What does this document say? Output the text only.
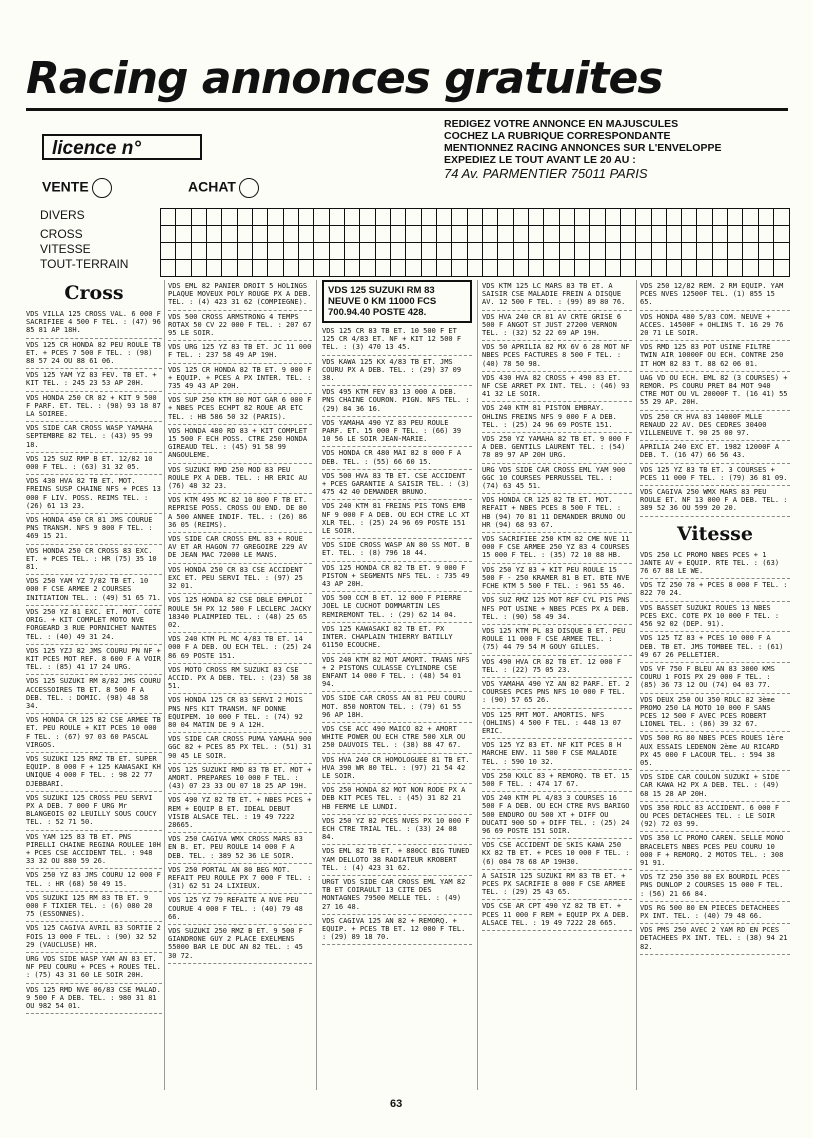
Racing annonces gratuites
licence n°
REDIGEZ VOTRE ANNONCE EN MAJUSCULES
COCHEZ LA RUBRIQUE CORRESPONDANTE
MENTIONNEZ RACING ANNONCES SUR L'ENVELOPPE
EXPEDIEZ LE TOUT AVANT LE 20 AU :
74 Av. PARMENTIER 75011 PARIS
VENTE	ACHAT
DIVERS
CROSS
VITESSE
TOUT-TERRAIN

Cross
VDS VILLA 125 CROSS VAL. 6 000 F SACRIFIEE 4 500 F TEL. : (47) 96 85 81 AP 18H.
VDS 125 CR HONDA 82 PEU ROULE TB ET. + PCES 7 500 F TEL. : (98) 88 57 24 OU 88 61 06.
VDS 125 YAM YZ 83 FEV. TB ET. + KIT TEL. : 245 23 53 AP 20H.
VDS HONDA 250 CR 82 + KIT 9 500 F PARF. ET. TEL. : (98) 93 18 87 LA SOIREE.
VDS SIDE CAR CROSS WASP YAMAHA SEPTEMBRE 82 TEL. : (43) 95 99 18.
VDS 125 SUZ RMP B ET. 12/82 10 000 F TEL. : (63) 31 32 05.
VDS 430 HVA 82 TB ET. MOT. FREINS SUSP CHAINE NFS + PCES 13 000 F LIV. POSS. REIMS TEL. : (26) 61 13 23.
VDS HONDA 450 CR 81 JMS COURUE PNS TRANSM. NFS 9 800 F TEL. : 469 15 21.
VDS HONDA 250 CR CROSS 83 EXC. ET. + PCES TEL. : HR (75) 35 10 81.
VDS 250 YAM YZ 7/82 TB ET. 10 000 F CSE ARMEE 2 COURSES INITIATION TEL. : (49) 51 65 71.
VDS 250 YZ 81 EXC. ET. MOT. COTE ORIG. + KIT COMPLET MOTO NVE FORGEARD 3 RUE PORNICHET NANTES TEL. : (40) 49 31 24.
VDS 125 YZJ 82 JMS COURU PN NF + KIT PCES MOT REF. 8 600 F A VOIR TEL. : (85) 41 17 24 URG.
VDS 125 SUZUKI RM 8/82 JMS COURU ACCESSOIRES TB ET. 8 500 F A DEB. TEL. : DOMIC. (98) 48 58 34.
VDS HONDA CR 125 82 CSE ARMEE TB ET. PEU ROULE + KIT PCES 10 000 F TEL. : (67) 97 03 60 PASCAL VIRGOS.
VDS SUZUKI 125 RMZ TB ET. SUPER EQUIP. 8 000 F + 125 KAWASAKI KH UNIQUE 4 000 F TEL. : 98 22 77 DJEBBARI.
VDS SUZUKI 125 CROSS PEU SERVI PX A DEB. 7 000 F URG Mr BLANGEOIS 02 LEUILLY SOUS COUCY TEL. : 52 71 50.
VDS YAM 125 83 TB ET. PNS PIRELLI CHAINE REGINA ROULEE 10H + PCES CSE ACCIDENT TEL. : 948 33 32 OU 880 59 26.
VDS 250 YZ 83 JMS COURU 12 000 F TEL. : HR (68) 50 49 15.
VDS SUZUKI 125 RM 83 TB ET. 9 000 F TIXIER TEL. : (6) 080 20 75 (ESSONNES).
VDS 125 CAGIVA AVRIL 83 SORTIE 2 FOIS 13 000 F TEL. : (90) 32 52 29 (VAUCLUSE) HR.
URG VDS SIDE WASP YAM AN 83 ET. NF PEU COURU + PCES + ROUES TEL. : (75) 43 31 60 LE SOIR 20H.
VDS 125 RMD NVE 06/83 CSE MALAD. 9 500 F A DEB. TEL. : 980 31 81 OU 982 54 01.
VDS EML 82 PANIER DROIT 5 HOLINGS PLAQUE MOVEUX POLY ROUGE PX A DEB. TEL. : (4) 423 31 62 (COMPIEGNE).
VDS 500 CROSS ARMSTRONG 4 TEMPS ROTAX 50 CV 22 000 F TEL. : 207 67 95 LE SOIR.
VDS URG 125 YZ 83 TB ET. JC 11 000 F TEL. : 237 58 49 AP 19H.
VDS 125 CR HONDA 82 TB ET. 9 000 F + EQUIP. + PCES A PX INTER. TEL. : 735 49 43 AP 20H.
VDS SUP 250 KTM 80 MOT GAR 6 000 F + NBES PCES ECHPT 82 ROUE AR ETC TEL. : HB 586 50 32 (PARIS).
VDS HONDA 480 RD 83 + KIT COMPLET 15 500 F ECH POSS. CTRE 250 HONDA GIREAUD TEL. : (45) 91 58 99 ANGOULEME.
VDS SUZUKI RMD 250 MOD 83 PEU ROULE PX A DEB. TEL. : HR ERIC AU (76) 48 32 23.
VDS KTM 495 MC 82 10 800 F TB ET. REPRISE POSS. CROSS OU END. DE 80 A 500 ANNEE INDIF. TEL. : (26) 86 36 05 (REIMS).
VDS SIDE CAR CROSS EML 83 + ROUE AV ET AR HAGON 77 GREGOIRE 229 AV DE JEAN MAC 72000 LE MANS.
VDS HONDA 250 CR 83 CSE ACCIDENT EXC ET. PEU SERVI TEL. : (97) 25 32 01.
VDS 125 HONDA 82 CSE DBLE EMPLOI ROULE 5H PX 12 500 F LECLERC JACKY 18340 PLAIMPIED TEL. : (48) 25 65 02.
VDS 240 KTM PL MC 4/83 TB ET. 14 000 F A DEB. OU ECH TEL. : (25) 24 86 69 POSTE 151.
VDS MOTO CROSS RM SUZUKI 83 CSE ACCID. PX A DEB. TEL. : (23) 58 38 51.
VDS HONDA 125 CR 83 SERVI 2 MOIS PNS NFS KIT TRANSM. NF DONNE EQUIPEM. 10 000 F TEL. : (74) 92 80 04 MATIN DE 9 A 12H.
VDS SIDE CAR CROSS PUMA YAMAHA 900 GGC 82 + PCES 85 PX TEL. : (51) 31 90 45 LE SOIR.
VDS 125 SUZUKI RMD 83 TB ET. MOT + AMORT. PREPARES 10 000 F TEL. : (43) 07 23 33 OU 07 18 25 AP 19H.
VDS 490 YZ 82 TB ET. + NBES PCES + REM + EQUIP B ET. IDEAL DEBUT VISIB ALSACE TEL. : 19 49 7222 28665.
VDS 250 CAGIVA WMX CROSS MARS 83 EN B. ET. PEU ROULE 14 000 F A DEB. TEL. : 389 52 36 LE SOIR.
VDS 250 PORTAL AN 80 BEG MOT. REFAIT PEU ROULE PX 7 000 F TEL. : (31) 62 51 24 LIXIEUX.
VDS 125 YZ 79 REFAITE A NVE PEU COURUE 4 000 F TEL. : (40) 79 48 66.
VDS SUZUKI 250 RMZ B ET. 9 500 F GIANDRONE GUY 2 PLACE EXELMENS 55000 BAR LE DUC AN 82 TEL. : 45 30 72.
VDS 125 SUZUKI RM 83 NEUVE 0 KM 11000 FCS 700.94.40 POSTE 428.
VDS 125 CR 83 TB ET. 10 500 F ET 125 CR 4/83 ET. NF + KIT 12 500 F TEL. : (3) 470 13 45.
VDS KAWA 125 KX 4/83 TB ET. JMS COURU PX A DEB. TEL. : (29) 37 09 38.
VDS 495 KTM FEV 83 13 000 A DEB. PNS CHAINE COURON. PIGN. NFS TEL. : (29) 84 36 16.
VDS YAMAHA 490 YZ 83 PEU ROULE PARF. ET. 15 000 F TEL. : (66) 39 10 56 LE SOIR JEAN-MARIE.
VDS HONDA CR 480 MAI 82 8 000 F A DEB. TEL. : (55) 66 60 15.
VDS 500 HVA 83 TB ET. CSE ACCIDENT + PCES GARANTIE A SAISIR TEL. : (3) 475 42 40 DEMANDER BRUNO.
VDS 240 KTM 81 FREINS PIS TONS EMB NF 9 000 F A DEB. OU ECH CTRE LC XT XLR TEL. : (25) 24 96 69 POSTE 151 LE SOIR.
VDS SIDE CROSS WASP AN 80 SS MOT. B ET. TEL. : (8) 796 18 44.
VDS 125 HONDA CR 82 TB ET. 9 000 F PISTON + SEGMENTS NFS TEL. : 735 49 43 AP 20H.
VDS 500 CCM B ET. 12 000 F PIERRE JOEL LE CUCHOT DOMMARTIN LES REMIREMONT TEL. : (29) 62 14 04.
VDS 125 KAWASAKI 82 TB ET. PX INTER. CHAPLAIN THIERRY BATILLY 61150 ECOUCHE.
VDS 240 KTM 82 MOT AMORT. TRANS NFS + 2 PISTONS CULASSE CYLINDRE CSE ENFANT 14 000 F TEL. : (48) 54 01 94.
VDS SIDE CAR CROSS AN 81 PEU COURU MOT. 850 NORTON TEL. : (79) 61 55 96 AP 18H.
VDS CSE ACC 490 MAICO 82 + AMORT WHITE POWER OU ECH CTRE 500 XLR OU 250 DAUVOIS TEL. : (38) 88 47 67.
VDS HVA 240 CR HOMOLOGUEE 81 TB ET. HVA 390 WR 80 TEL. : (97) 21 54 42 LE SOIR.
VDS 250 HONDA 82 MOT NON RODE PX A DEB KIT PCES TEL. : (45) 31 82 21 HB FERME LE LUNDI.
VDS 250 YZ 82 PCES NVES PX 10 000 F ECH CTRE TRIAL TEL. : (33) 24 08 84.
VDS EML 82 TB ET. + 880CC BIG TUNED YAM DELLOTO 38 RADIATEUR KROBERT TEL. : (4) 423 31 62.
URGT VDS SIDE CAR CROSS EML YAM 82 TB ET COIRAULT 13 CITE DES MONTAGNES 79500 MELLE TEL. : (49) 27 16 48.
VDS CAGIVA 125 AN 82 + REMORQ. + EQUIP. + PCES TB ET. 12 000 F TEL. : (29) 89 18 70.
VDS KTM 125 LC MARS 83 TB ET. A SAISIR CSE MALADIE FREIN A DISQUE AV. 12 500 F TEL. : (99) 89 80 76.
VDS HVA 240 CR 81 AV CRTE GRISE 6 500 F ANGOT ST JUST 27200 VERNON TEL. : (32) 52 22 69 AP 19H.
VDS 50 APRILIA 82 MX 6V 6 28 MOT NF NBES PCES FACTURES 8 500 F TEL. : (40) 78 50 98.
VDS 430 HVA 82 CROSS + 490 83 ET. NF CSE ARRET PX INT. TEL. : (46) 93 41 32 LE SOIR.
VDS 240 KTM 81 PISTON EMBRAY. OHLINS FREINS NFS 9 000 F A DEB. TEL. : (25) 24 96 69 POSTE 151.
VDS 250 YZ YAMAHA 82 TB ET. 9 000 F A DEB. GENTILS LAURENT TEL. : (54) 78 89 97 AP 20H URG.
URG VDS SIDE CAR CROSS EML YAM 900 GGC 10 COURSES PERRUSSEL TEL. : (74) 63 45 51.
VDS HONDA CR 125 82 TB ET. MOT. REFAIT + NBES PCES 8 500 F TEL. : HB (94) 70 81 11 DEMANDER BRUNO OU HR (94) 68 93 67.
VDS SACRIFIEE 250 KTM 82 CME NVE 11 000 F CSE ARMEE 250 YZ 83 4 COURSES 15 000 F TEL. : (35) 72 10 88 HB.
VDS 250 YZ 83 + KIT PEU ROULE 15 500 F - 250 KRAMER 81 B ET. BTE NVE FCHE KTM 5 500 F TEL. : 961 55 46.
VDS SUZ RMZ 125 MOT REF CYL PIS PNS NFS POT USINE + NBES PCES PX A DEB. TEL. : (90) 58 49 34.
VDS 125 KTM PL 83 DISQUE B ET. PEU ROULE 11 000 F CSE ARMEE TEL. : (75) 44 79 54 M GOUY GILLES.
VDS 490 HVA CR 82 TB ET. 12 000 F TEL. : (22) 75 05 23.
VDS YAMAHA 490 YZ AN 82 PARF. ET. 2 COURSES PCES PNS NFS 10 000 F TEL. : (90) 57 65 26.
VDS 125 RMT MOT. AMORTIS. NFS (OHLINS) 4 500 F TEL. : 448 13 07 ERIC.
VDS 125 YZ 83 ET. NF KIT PCES 8 H MARCHE ENV. 11 500 F CSE MALADIE TEL. : 590 10 32.
VDS 250 KXLC 83 + REMORQ. TB ET. 15 500 F TEL. : 474 17 67.
VDS 240 KTM PL 4/83 3 COURSES 16 500 F A DEB. OU ECH CTRE RVS BARIGO 500 ENDURO OU 500 XT + DIFF OU DUCATI 900 SD + DIFF TEL. : (25) 24 96 69 POSTE 151 SOIR.
VDS CSE ACCIDENT DE SKIS KAWA 250 KX 82 TB ET. + PCES 10 000 F TEL. : (6) 084 78 68 AP 19H30.
A SAISIR 125 SUZUKI RM 83 TB ET. + PCES PX SACRIFIE 8 000 F CSE ARMEE TEL. : (29) 25 43 65.
VDS CSE AR CPT 490 YZ 82 TB ET. + PCES 11 000 F REM + EQUIP PX A DEB. ALSACE TEL. : 19 49 7222 28 665.
VDS 250 12/82 REM. 2 RM EQUIP. YAM PCES NVES 12500F TEL. (1) 855 15 65.
VDS HONDA 480 5/83 COM. NEUVE + ACCES. 14500F + OHLINS T. 16 29 76 20 71 LE SOIR.
VDS RMD 125 83 POT USINE FILTRE TWIN AIR 10000F OU ECH. CONTRE 250 IT HOM 82 83 T. 88 62 06 01.
UAG VD OU ECH. EML 82 (3 COURSES) + REMOR. PS COURU PRET 84 MOT 940 CTRE MOT OU VL 20000F T. (16 41) 55 55 29 AP. 20H.
VDS 250 CR HVA 83 14000F MLLE RENAUD 22 AV. DES CEDRES 30400 VILLENEUVE T. 90 25 00 97.
APRILIA 240 EXC ET. 1982 12000F A DEB. T. (16 47) 66 56 43.
VDS 125 YZ 83 TB ET. 3 COURSES + PCES 11 000 F TEL. : (79) 36 81 09.
VDS CAGIVA 250 WMX MARS 83 PEU ROULE ET. NF 13 000 F A DEB. TEL. : 389 52 36 OU 599 20 20.
Vitesse
VDS 250 LC PROMO NBES PCES + 1 JANTE AV + EQUIP. RTE TEL. : (63) 76 67 88 LE WE.
VDS TZ 250 78 + PCES 8 000 F TEL. : 822 70 24.
VDS BASSET SUZUKI ROUES 13 NBES PCES EXC. COTE PX 10 000 F TEL. : 456 92 02 (DEP. 91).
VDS 125 TZ 83 + PCES 10 000 F A DEB. TB ET. JMS TOMBEE TEL. : (61) 49 67 26 PELLETIER.
VDS VF 750 F BLEU AN 83 3000 KMS COURU 1 FOIS PX 29 000 F TEL. : (85) 36 73 12 OU (74) 04 03 77.
VDS DEUX 250 OU 350 RDLC 82 3ème PROMO 250 LA MOTO 10 000 F SANS PCES 12 500 F AVEC PCES ROBERT LIONEL TEL. : (86) 39 32 67.
VDS 500 RG 80 NBES PCES ROUES 1ère AUX ESSAIS LEDENON 2ème AU RICARD PX 45 000 F LACOUR TEL. : 594 38 05.
VDS SIDE CAR COULON SUZUKI + SIDE CAR KAWA H2 PX A DEB. TEL. : (49) 68 15 28 AP 20H.
VDS 350 RDLC 83 ACCIDENT. 6 000 F OU PCES DETACHEES TEL. : LE SOIR (92) 72 03 99.
VDS 350 LC PROMO CAREN. SELLE MONO BRACELETS NBES PCES PEU COURU 10 000 F + REMORQ. 2 MOTOS TEL. : 308 91 91.
VDS TZ 250 350 80 EX BOURDIL PCES PNS DUNLOP 2 COURSES 15 000 F TEL. : (56) 21 66 84.
VDS RG 500 80 EN PIECES DETACHEES PX INT. TEL. : (40) 79 48 66.
VDS PMS 250 AVEC 2 YAM RD EN PCES DETACHEES PX INT. TEL. : (38) 94 21 82.
63
